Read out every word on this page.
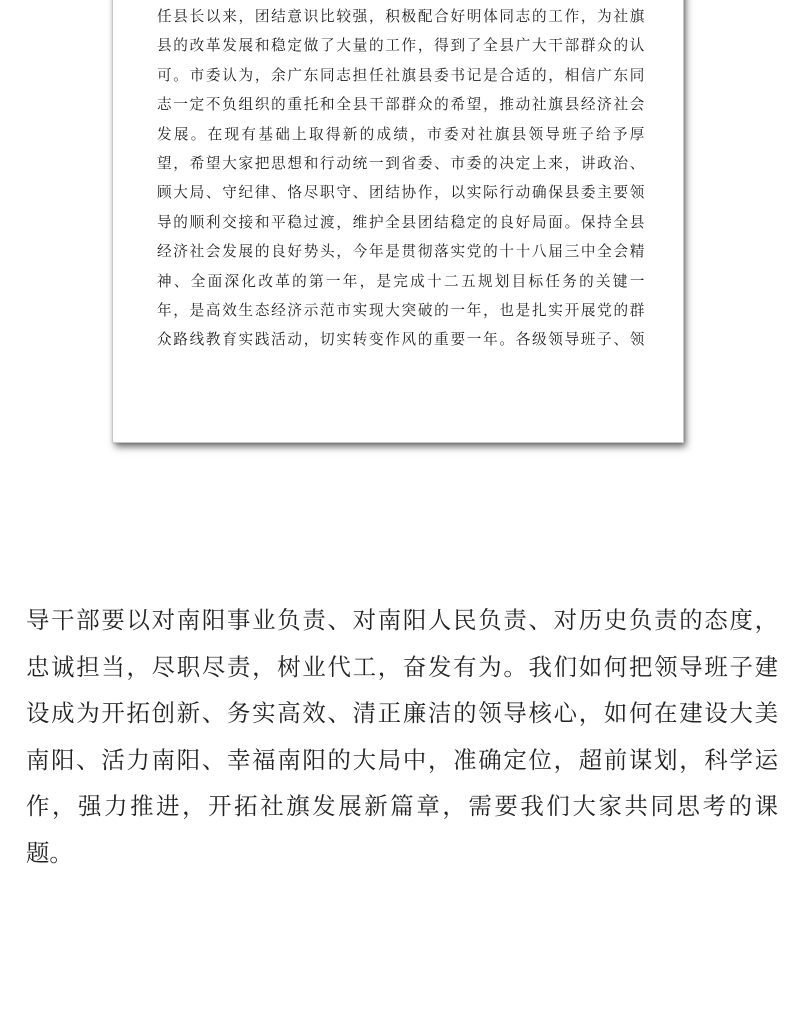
任县长以来，团结意识比较强，积极配合好明体同志的工作，为社旗
县的改革发展和稳定做了大量的工作，得到了全县广大干部群众的认
可。市委认为，余广东同志担任社旗县委书记是合适的，相信广东同
志一定不负组织的重托和全县干部群众的希望，推动社旗县经济社会
发展。在现有基础上取得新的成绩，市委对社旗县领导班子给予厚
望，希望大家把思想和行动统一到省委、市委的决定上来，讲政治、
顾大局、守纪律、恪尽职守、团结协作，以实际行动确保县委主要领
导的顺利交接和平稳过渡，维护全县团结稳定的良好局面。保持全县
经济社会发展的良好势头，今年是贯彻落实党的十十八届三中全会精
神、全面深化改革的第一年，是完成十二五规划目标任务的关键一
年，是高效生态经济示范市实现大突破的一年，也是扎实开展党的群
众路线教育实践活动，切实转变作风的重要一年。各级领导班子、领
导干部要以对南阳事业负责、对南阳人民负责、对历史负责的态度，
忠诚担当，尽职尽责，树业代工，奋发有为。我们如何把领导班子建
设成为开拓创新、务实高效、清正廉洁的领导核心，如何在建设大美
南阳、活力南阳、幸福南阳的大局中，准确定位，超前谋划，科学运
作，强力推进，开拓社旗发展新篇章，需要我们大家共同思考的课
题。
